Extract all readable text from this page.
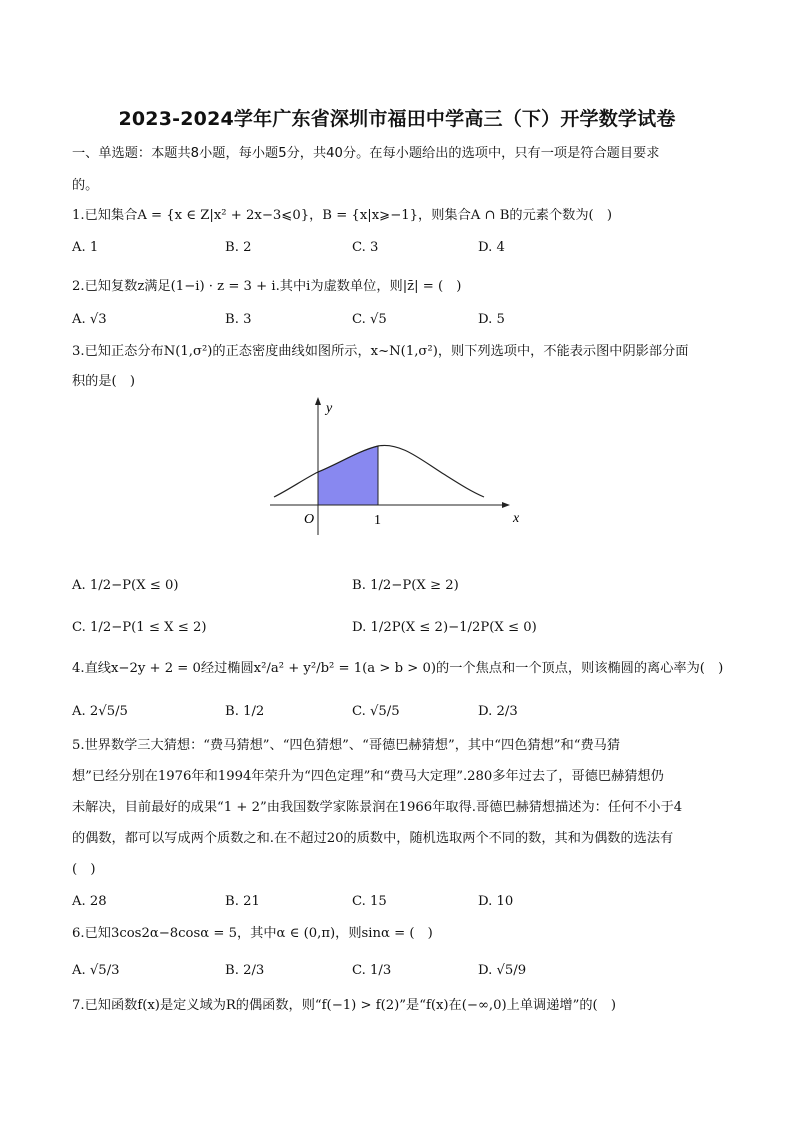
2023-2024学年广东省深圳市福田中学高三（下）开学数学试卷
一、单选题：本题共8小题，每小题5分，共40分。在每小题给出的选项中，只有一项是符合题目要求
的。
1.已知集合A = {x ∈ Z|x² + 2x−3⩽0}，B = {x|x⩾−1}，则集合A ∩ B的元素个数为(　)
A. 1	B. 2	C. 3	D. 4
2.已知复数z满足(1−i) · z = 3 + i.其中i为虚数单位，则|z̄| = (　)
A. √3	B. 3	C. √5	D. 5
3.已知正态分布N(1,σ²)的正态密度曲线如图所示，x~N(1,σ²)，则下列选项中，不能表示图中阴影部分面
积的是(　)
y
x
O	1
A. 1/2−P(X ≤ 0)	B. 1/2−P(X ≥ 2)
C. 1/2−P(1 ≤ X ≤ 2)	D. 1/2P(X ≤ 2)−1/2P(X ≤ 0)
4.直线x−2y + 2 = 0经过椭圆x²/a² + y²/b² = 1(a > b > 0)的一个焦点和一个顶点，则该椭圆的离心率为(　)
A. 2√5/5	B. 1/2	C. √5/5	D. 2/3
5.世界数学三大猜想：“费马猜想”、“四色猜想”、“哥德巴赫猜想”，其中“四色猜想”和“费马猜
想”已经分别在1976年和1994年荣升为“四色定理”和“费马大定理”.280多年过去了，哥德巴赫猜想仍
未解决，目前最好的成果“1 + 2”由我国数学家陈景润在1966年取得.哥德巴赫猜想描述为：任何不小于4
的偶数，都可以写成两个质数之和.在不超过20的质数中，随机选取两个不同的数，其和为偶数的选法有
(　)
A. 28	B. 21	C. 15	D. 10
6.已知3cos2α−8cosα = 5，其中α ∈ (0,π)，则sinα = (　)
A. √5/3	B. 2/3	C. 1/3	D. √5/9
7.已知函数f(x)是定义域为R的偶函数，则“f(−1) > f(2)”是“f(x)在(−∞,0)上单调递增”的(　)
